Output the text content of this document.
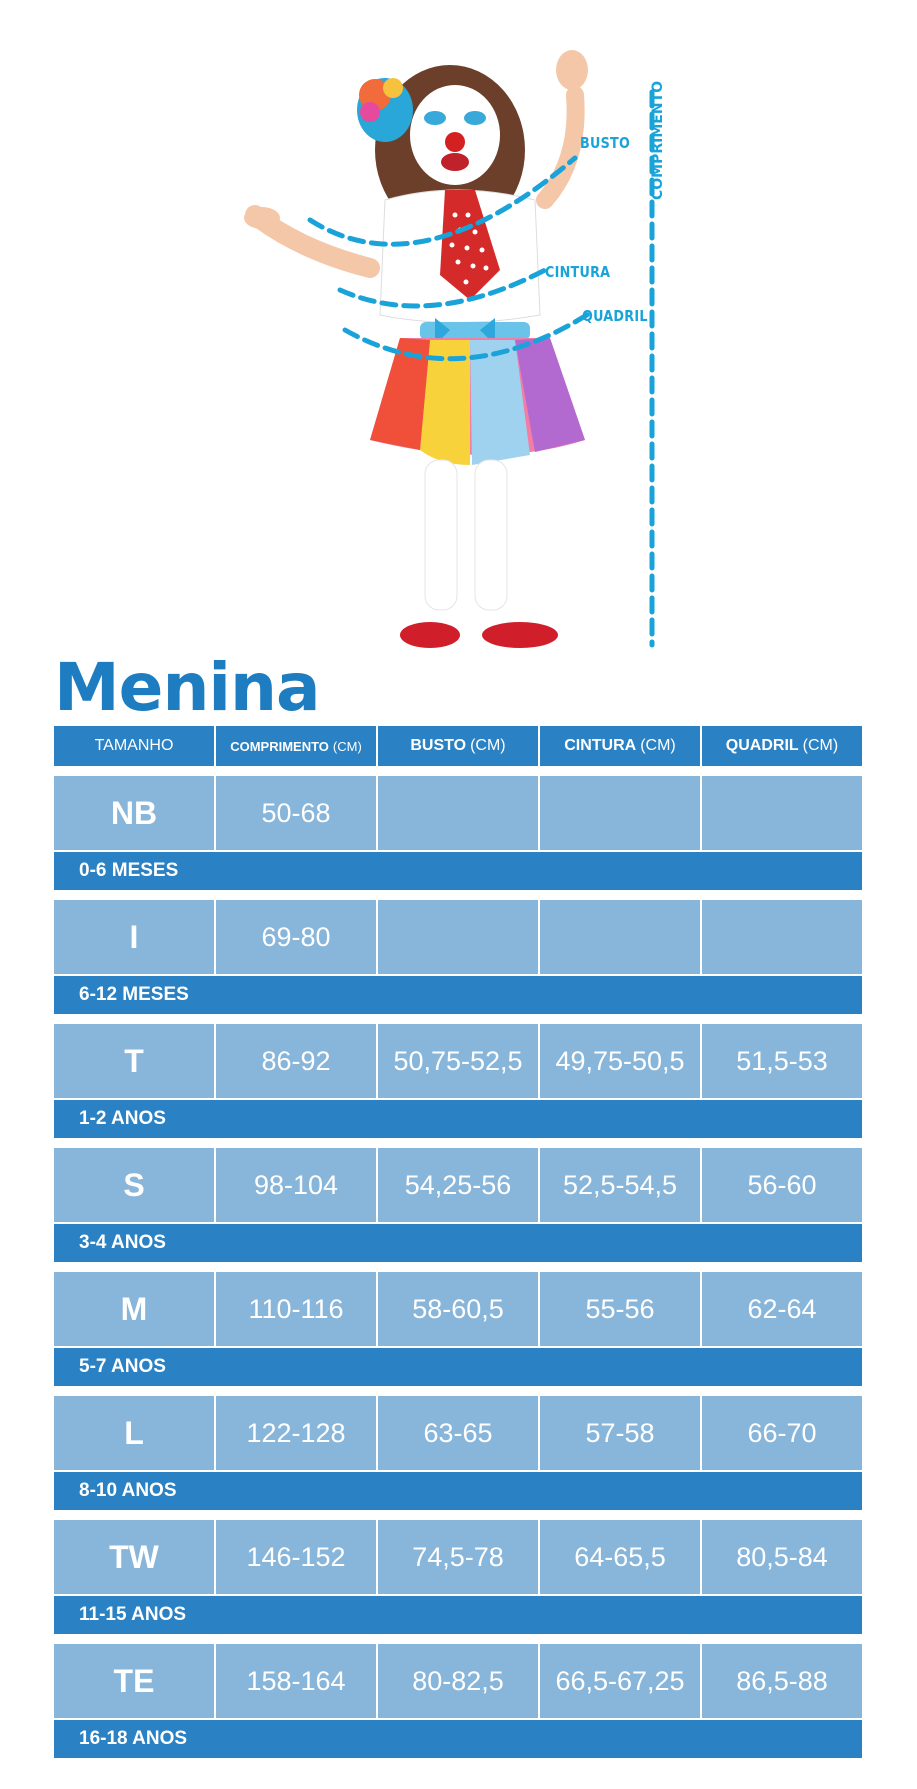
BUSTO
CINTURA
QUADRIL
COMPRIMENTO
Menina
TAMANHO	COMPRIMENTO (CM)	BUSTO (CM)	CINTURA (CM)	QUADRIL (CM)
NB	50-68
0-6 MESES
I	69-80
6-12 MESES
T	86-92	50,75-52,5	49,75-50,5	51,5-53
1-2 ANOS
S	98-104	54,25-56	52,5-54,5	56-60
3-4 ANOS
M	110-116	58-60,5	55-56	62-64
5-7 ANOS
L	122-128	63-65	57-58	66-70
8-10 ANOS
TW	146-152	74,5-78	64-65,5	80,5-84
11-15 ANOS
TE	158-164	80-82,5	66,5-67,25	86,5-88
16-18 ANOS
